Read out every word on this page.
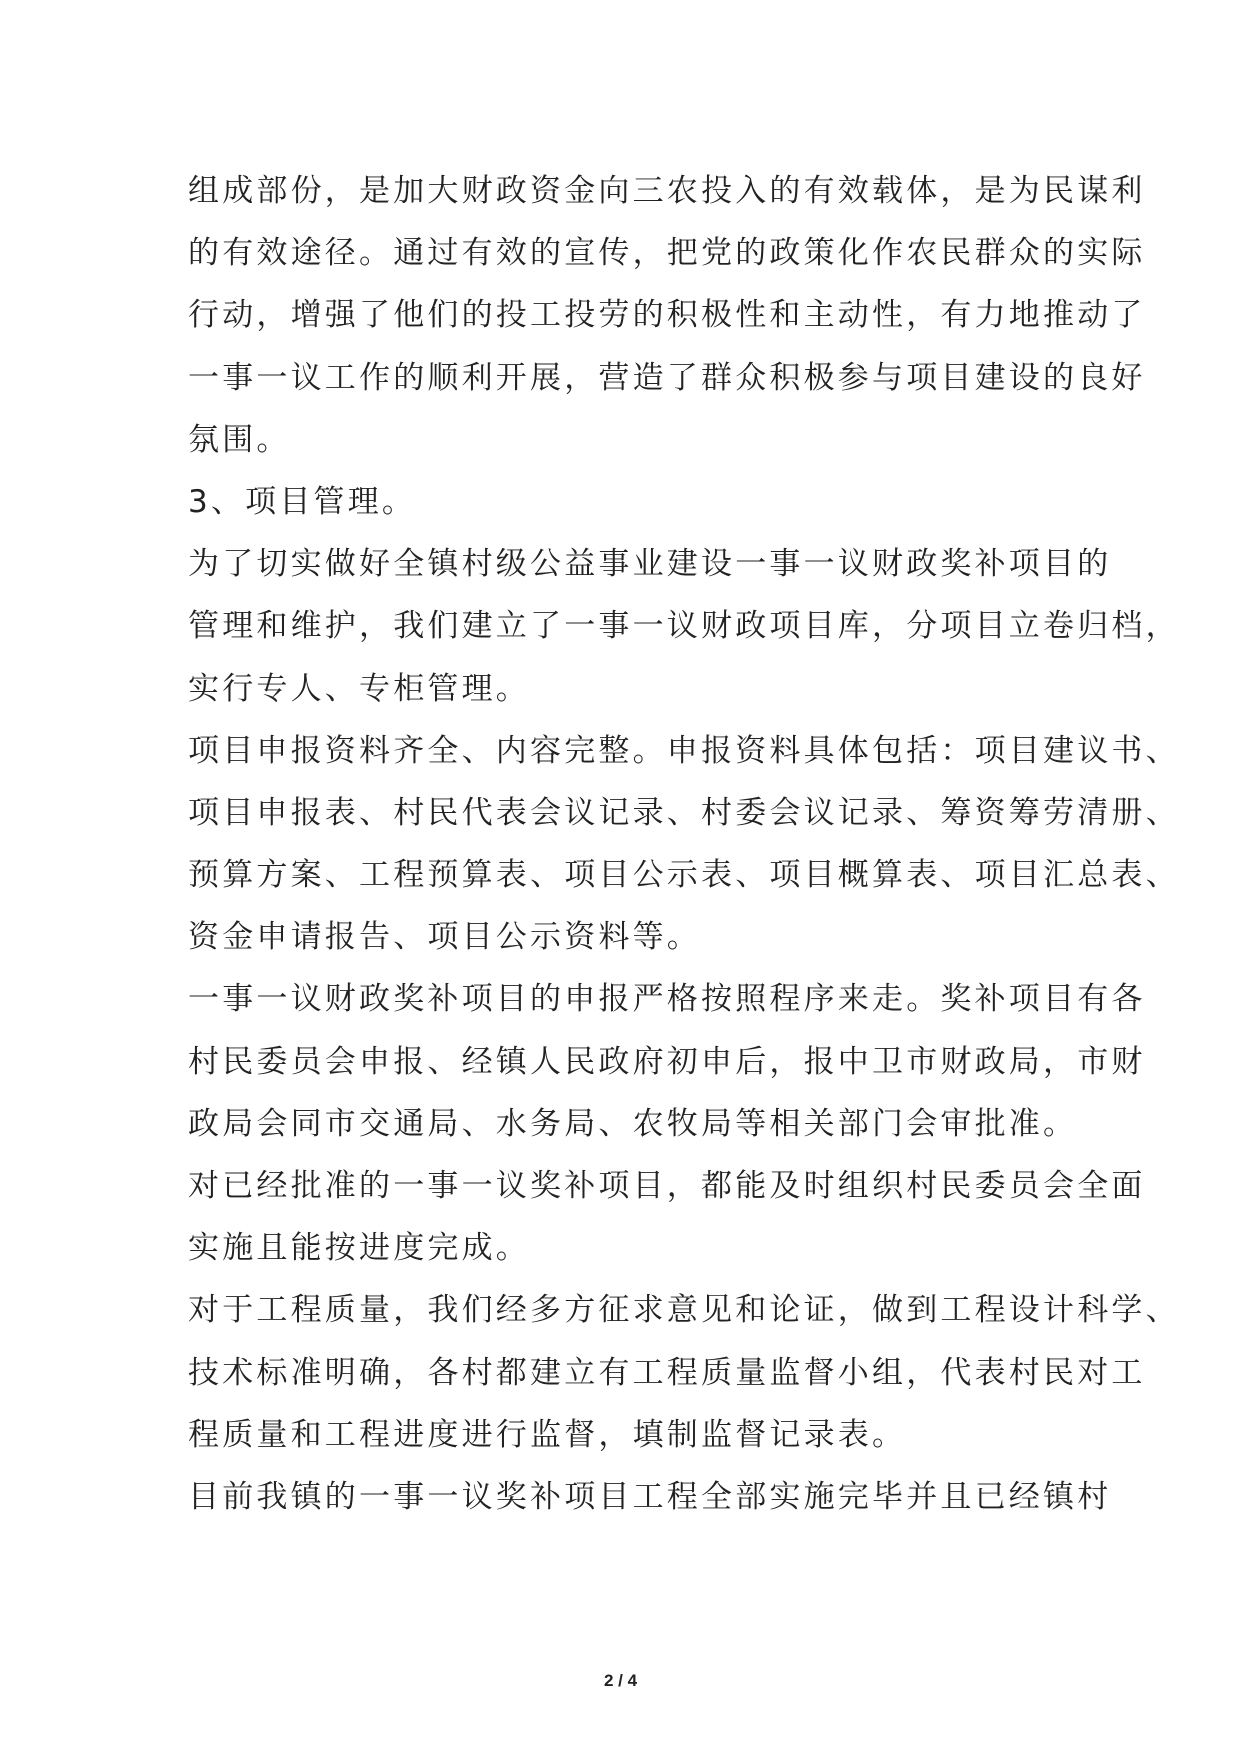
组成部份，是加大财政资金向三农投入的有效载体，是为民谋利
的有效途径。通过有效的宣传，把党的政策化作农民群众的实际
行动，增强了他们的投工投劳的积极性和主动性，有力地推动了
一事一议工作的顺利开展，营造了群众积极参与项目建设的良好
氛围。
3、项目管理。
为了切实做好全镇村级公益事业建设一事一议财政奖补项目的
管理和维护，我们建立了一事一议财政项目库，分项目立卷归档，
实行专人、专柜管理。
项目申报资料齐全、内容完整。申报资料具体包括：项目建议书、
项目申报表、村民代表会议记录、村委会议记录、筹资筹劳清册、
预算方案、工程预算表、项目公示表、项目概算表、项目汇总表、
资金申请报告、项目公示资料等。
一事一议财政奖补项目的申报严格按照程序来走。奖补项目有各
村民委员会申报、经镇人民政府初申后，报中卫市财政局，市财
政局会同市交通局、水务局、农牧局等相关部门会审批准。
对已经批准的一事一议奖补项目，都能及时组织村民委员会全面
实施且能按进度完成。
对于工程质量，我们经多方征求意见和论证，做到工程设计科学、
技术标准明确，各村都建立有工程质量监督小组，代表村民对工
程质量和工程进度进行监督，填制监督记录表。
目前我镇的一事一议奖补项目工程全部实施完毕并且已经镇村
2 / 4
